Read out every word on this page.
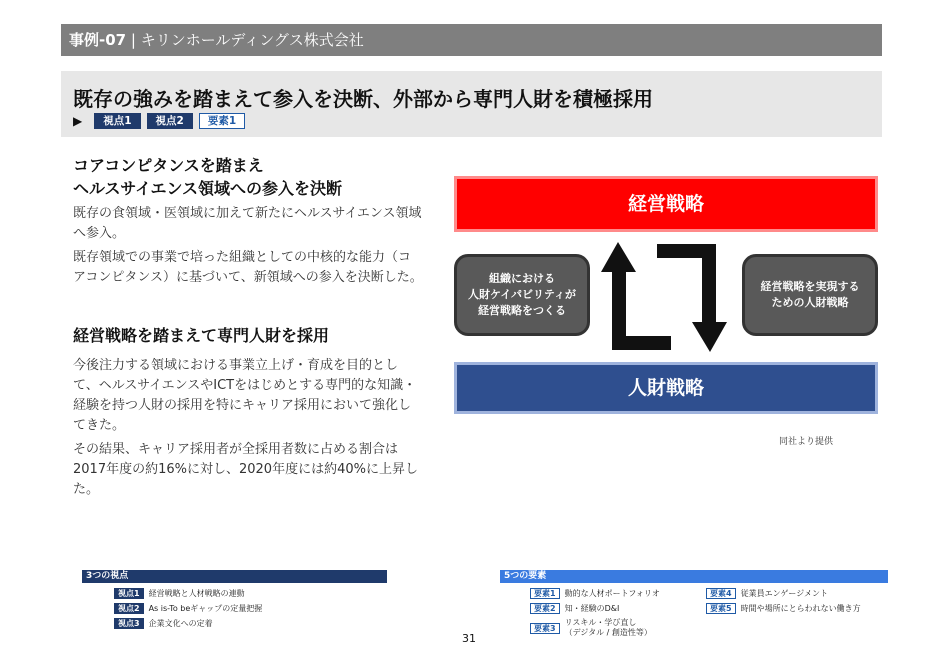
事例-07 | キリンホールディングス株式会社
既存の強みを踏まえて参入を決断、外部から専門人財を積極採用
▶	視点1	視点2	要素1
コアコンピタンスを踏まえ
ヘルスサイエンス領域への参入を決断

既存の食領域・医領域に加えて新たにヘルスサイエンス領域へ参入。

既存領域での事業で培った組織としての中核的な能力（コアコンピタンス）に基づいて、新領域への参入を決断した。

経営戦略を踏まえて専門人財を採用

今後注力する領域における事業立上げ・育成を目的として、ヘルスサイエンスやICTをはじめとする専門的な知識・経験を持つ人財の採用を特にキャリア採用において強化してきた。

その結果、キャリア採用者が全採用者数に占める割合は2017年度の約16%に対し、2020年度には約40%に上昇した。

経営戦略
組織における
人財ケイパビリティが
経営戦略をつくる
経営戦略を実現する
ための人財戦略
人財戦略
同社より提供
3つの視点
視点1	経営戦略と人材戦略の連動
視点2	As is-To beギャップの定量把握
視点3	企業文化への定着
5つの要素
要素1	動的な人材ポートフォリオ
要素2	知・経験のD&I
要素3
リスキル・学び直し
（デジタル / 創造性等）
要素4	従業員エンゲージメント
要素5	時間や場所にとらわれない働き方
31
